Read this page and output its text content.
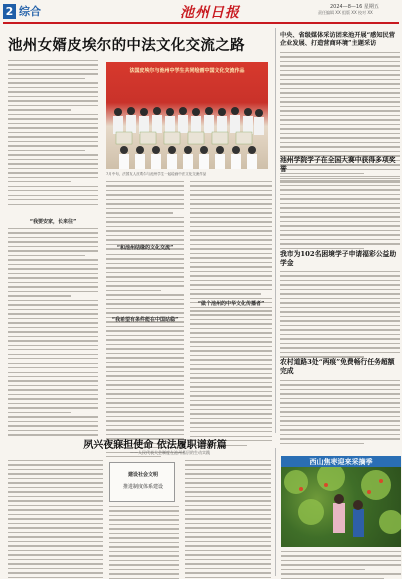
2 综合	池州日报	2024—8—16 星期五
责任编辑 XX 组版 XX 校对 XX
池州女婿皮埃尔的中法文化交流之路
“我要安家，长来往”
法国皮埃尔与池州中学生共同绘画中国文化交流作品
7月中旬，法国友人皮埃尔与池州学生一起绘画中法文化交流作品
“和池州结缘的文化交流”
“我希望有条件能在中国站稳”
“做个池州的中华文化传播者”
中央、省级媒体采访团来池开展“感知民营企业发展、打造营商环境”主题采访
池州学院学子在全国大赛中获得多项奖誉
我市为102名困境学子申请福彩公益助学金
农村道路3处“两痕”免费畅行任务超额完成
夙兴夜寐担使命 依法履职谱新篇
——人民代表大会制度在池州基层的生动实践
建设社会文明
推进制度体系建设
西山焦枣迎来采摘季
